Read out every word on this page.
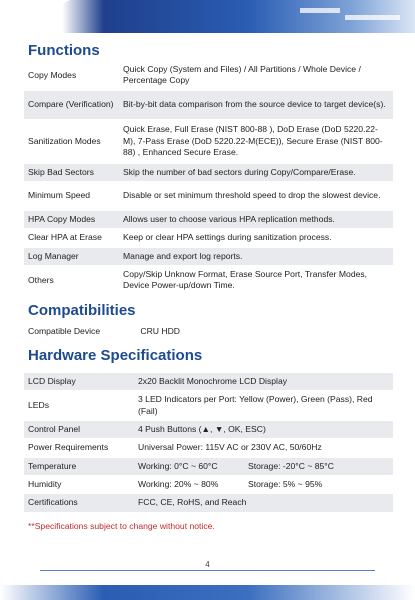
Functions
Copy Modes	Quick Copy (System and Files) / All Partitions / Whole Device / Percentage Copy
Compare (Verification)	Bit-by-bit data comparison from the source device to target device(s).
Sanitization Modes	Quick Erase, Full Erase (NIST 800-88 ), DoD Erase (DoD 5220.22-M), 7-Pass Erase (DoD 5220.22-M(ECE)), Secure Erase (NIST 800-88) , Enhanced Secure Erase.
Skip Bad Sectors	Skip the number of bad sectors during Copy/Compare/Erase.
Minimum Speed	Disable or set minimum threshold speed to drop the slowest device.
HPA Copy Modes	Allows user to choose various HPA replication methods.
Clear HPA at Erase	Keep or clear HPA settings during sanitization process.
Log Manager	Manage and export log reports.
Others	Copy/Skip Unknow Format, Erase Source Port, Transfer Modes, Device Power-up/down Time.
Compatibilities
Compatible Device	CRU HDD
Hardware Specifications
LCD Display	2x20 Backlit Monochrome LCD Display
LEDs	3 LED Indicators per Port: Yellow (Power), Green (Pass), Red (Fail)
Control Panel	4 Push Buttons (▲, ▼, OK, ESC)
Power Requirements	Universal Power: 115V AC or 230V AC, 50/60Hz
Temperature	Working: 0°C ~ 60°C Storage: -20°C ~ 85°C
Humidity	Working: 20% ~ 80% Storage: 5% ~ 95%
Certifications	FCC, CE, RoHS, and Reach
**Specifications subject to change without notice.
4
